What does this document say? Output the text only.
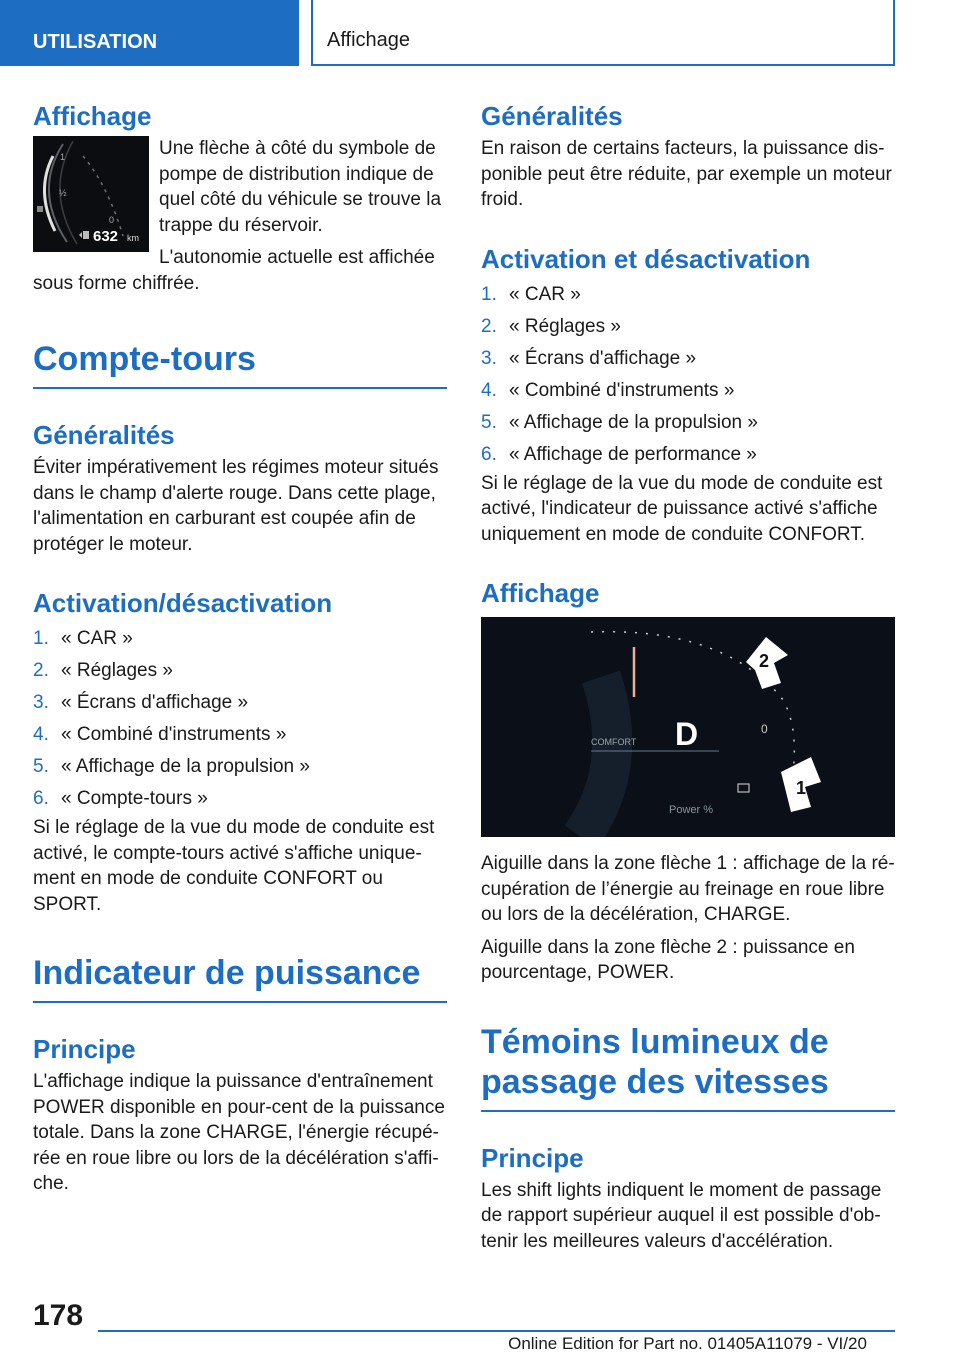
UTILISATION	Affichage
Affichage
1
½
0
632 km

Une flèche à côté du symbole de pompe de distribution indique de quel côté du véhicule se trouve la trappe du réservoir.

L'autonomie actuelle est affichée sous forme chiffrée.

Compte-tours
Généralités

Éviter impérativement les régimes moteur situés dans le champ d'alerte rouge. Dans cette plage, l'alimentation en carburant est coupée afin de protéger le moteur.

Activation/désactivation
1. « CAR »
2. « Réglages »
3. « Écrans d'affichage »
4. « Combiné d'instruments »
5. « Affichage de la propulsion »
6. « Compte-tours »

Si le réglage de la vue du mode de conduite est activé, le compte-tours activé s'affiche unique-ment en mode de conduite CONFORT ou SPORT.

Indicateur de puissance
Principe

L'affichage indique la puissance d'entraînement POWER disponible en pour-cent de la puissance totale. Dans la zone CHARGE, l'énergie récupé-rée en roue libre ou lors de la décélération s'affi-che.

Généralités

En raison de certains facteurs, la puissance dis-ponible peut être réduite, par exemple un moteur froid.

Activation et désactivation
1. « CAR »
2. « Réglages »
3. « Écrans d'affichage »
4. « Combiné d'instruments »
5. « Affichage de la propulsion »
6. « Affichage de performance »

Si le réglage de la vue du mode de conduite est activé, l'indicateur de puissance activé s'affiche uniquement en mode de conduite CONFORT.

Affichage
COMFORT D	0
Power %
2
1

Aiguille dans la zone flèche 1 : affichage de la ré-cupération de l’énergie au freinage en roue libre ou lors de la décélération, CHARGE.

Aiguille dans la zone flèche 2 : puissance en pourcentage, POWER.

Témoins lumineux de passage des vitesses
Principe

Les shift lights indiquent le moment de passage de rapport supérieur auquel il est possible d'ob-tenir les meilleures valeurs d'accélération.

178
Online Edition for Part no. 01405A11079 - VI/20
